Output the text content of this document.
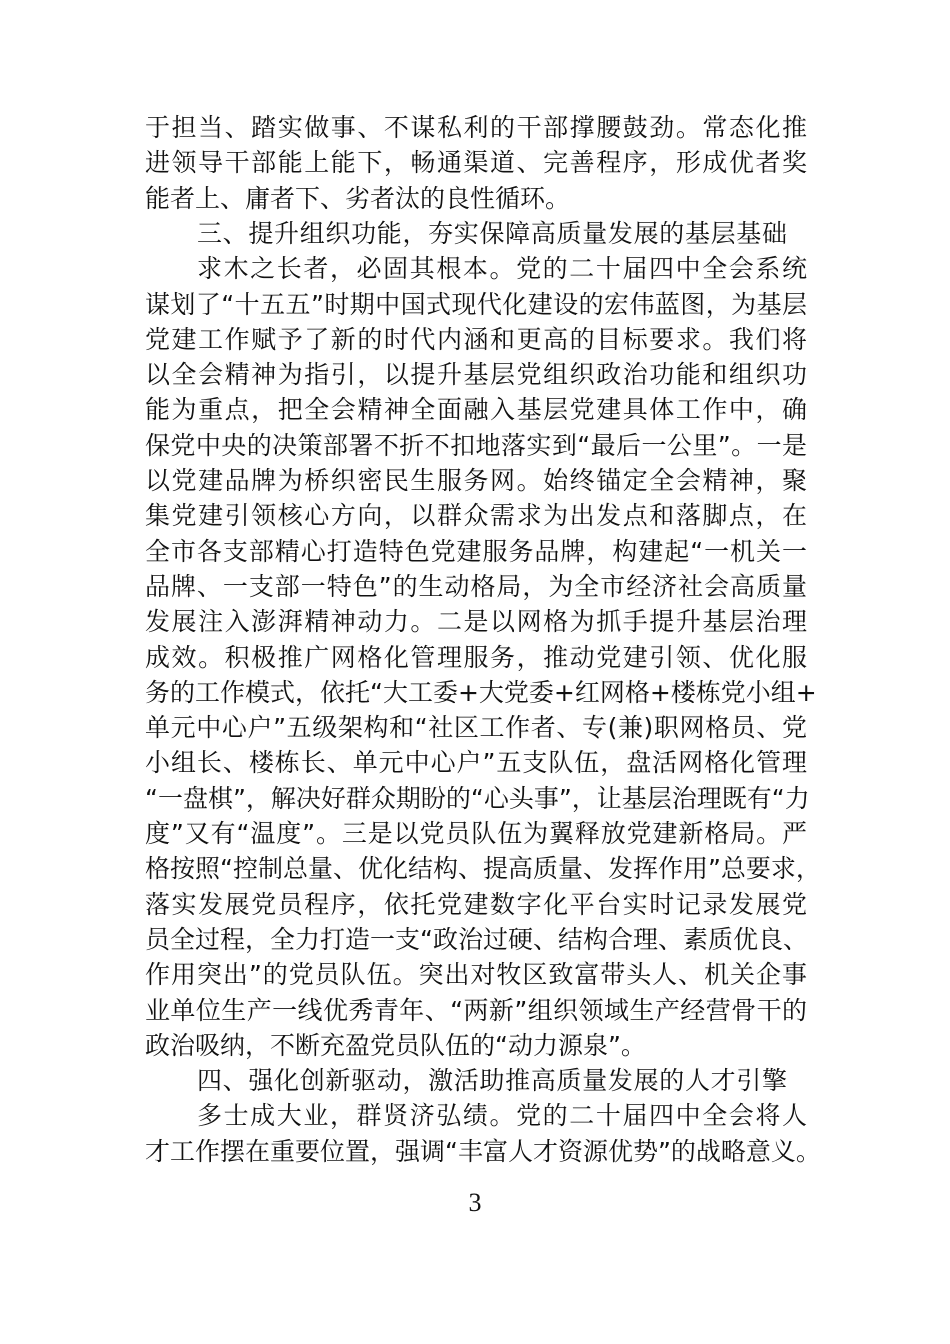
于担当、踏实做事、不谋私利的干部撑腰鼓劲。常态化推
进领导干部能上能下，畅通渠道、完善程序，形成优者奖
能者上、庸者下、劣者汰的良性循环。
三、提升组织功能，夯实保障高质量发展的基层基础
求木之长者，必固其根本。党的二十届四中全会系统
谋划了“十五五”时期中国式现代化建设的宏伟蓝图，为基层
党建工作赋予了新的时代内涵和更高的目标要求。我们将
以全会精神为指引，以提升基层党组织政治功能和组织功
能为重点，把全会精神全面融入基层党建具体工作中，确
保党中央的决策部署不折不扣地落实到“最后一公里”。一是
以党建品牌为桥织密民生服务网。始终锚定全会精神，聚
集党建引领核心方向，以群众需求为出发点和落脚点，在
全市各支部精心打造特色党建服务品牌，构建起“一机关一
品牌、一支部一特色”的生动格局，为全市经济社会高质量
发展注入澎湃精神动力。二是以网格为抓手提升基层治理
成效。积极推广网格化管理服务，推动党建引领、优化服
务的工作模式，依托“大工委+大党委+红网格+楼栋党小组+
单元中心户”五级架构和“社区工作者、专(兼)职网格员、党
小组长、楼栋长、单元中心户”五支队伍，盘活网格化管理
“一盘棋”，解决好群众期盼的“心头事”，让基层治理既有“力
度”又有“温度”。三是以党员队伍为翼释放党建新格局。严
格按照“控制总量、优化结构、提高质量、发挥作用”总要求，
落实发展党员程序，依托党建数字化平台实时记录发展党
员全过程，全力打造一支“政治过硬、结构合理、素质优良、
作用突出”的党员队伍。突出对牧区致富带头人、机关企事
业单位生产一线优秀青年、“两新”组织领域生产经营骨干的
政治吸纳，不断充盈党员队伍的“动力源泉”。
四、强化创新驱动，激活助推高质量发展的人才引擎
多士成大业，群贤济弘绩。党的二十届四中全会将人
才工作摆在重要位置，强调“丰富人才资源优势”的战略意义。
3
